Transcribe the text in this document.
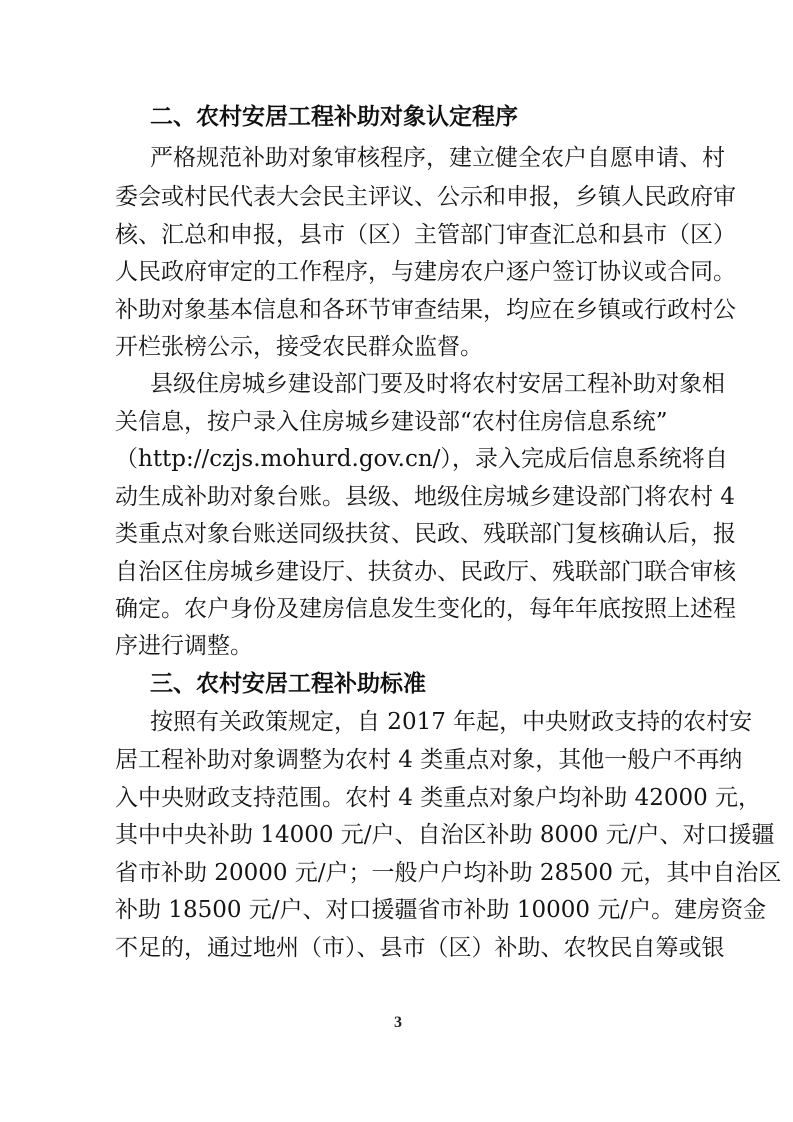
二、农村安居工程补助对象认定程序
严格规范补助对象审核程序，建立健全农户自愿申请、村
委会或村民代表大会民主评议、公示和申报，乡镇人民政府审
核、汇总和申报，县市（区）主管部门审查汇总和县市（区）
人民政府审定的工作程序，与建房农户逐户签订协议或合同。
补助对象基本信息和各环节审查结果，均应在乡镇或行政村公
开栏张榜公示，接受农民群众监督。
县级住房城乡建设部门要及时将农村安居工程补助对象相
关信息，按户录入住房城乡建设部“农村住房信息系统”
（http://czjs.mohurd.gov.cn/），录入完成后信息系统将自
动生成补助对象台账。县级、地级住房城乡建设部门将农村 4
类重点对象台账送同级扶贫、民政、残联部门复核确认后，报
自治区住房城乡建设厅、扶贫办、民政厅、残联部门联合审核
确定。农户身份及建房信息发生变化的，每年年底按照上述程
序进行调整。
三、农村安居工程补助标准
按照有关政策规定，自 2017 年起，中央财政支持的农村安
居工程补助对象调整为农村 4 类重点对象，其他一般户不再纳
入中央财政支持范围。农村 4 类重点对象户均补助 42000 元，
其中中央补助 14000 元/户、自治区补助 8000 元/户、对口援疆
省市补助 20000 元/户；一般户户均补助 28500 元，其中自治区
补助 18500 元/户、对口援疆省市补助 10000 元/户。建房资金
不足的，通过地州（市）、县市（区）补助、农牧民自筹或银
3
